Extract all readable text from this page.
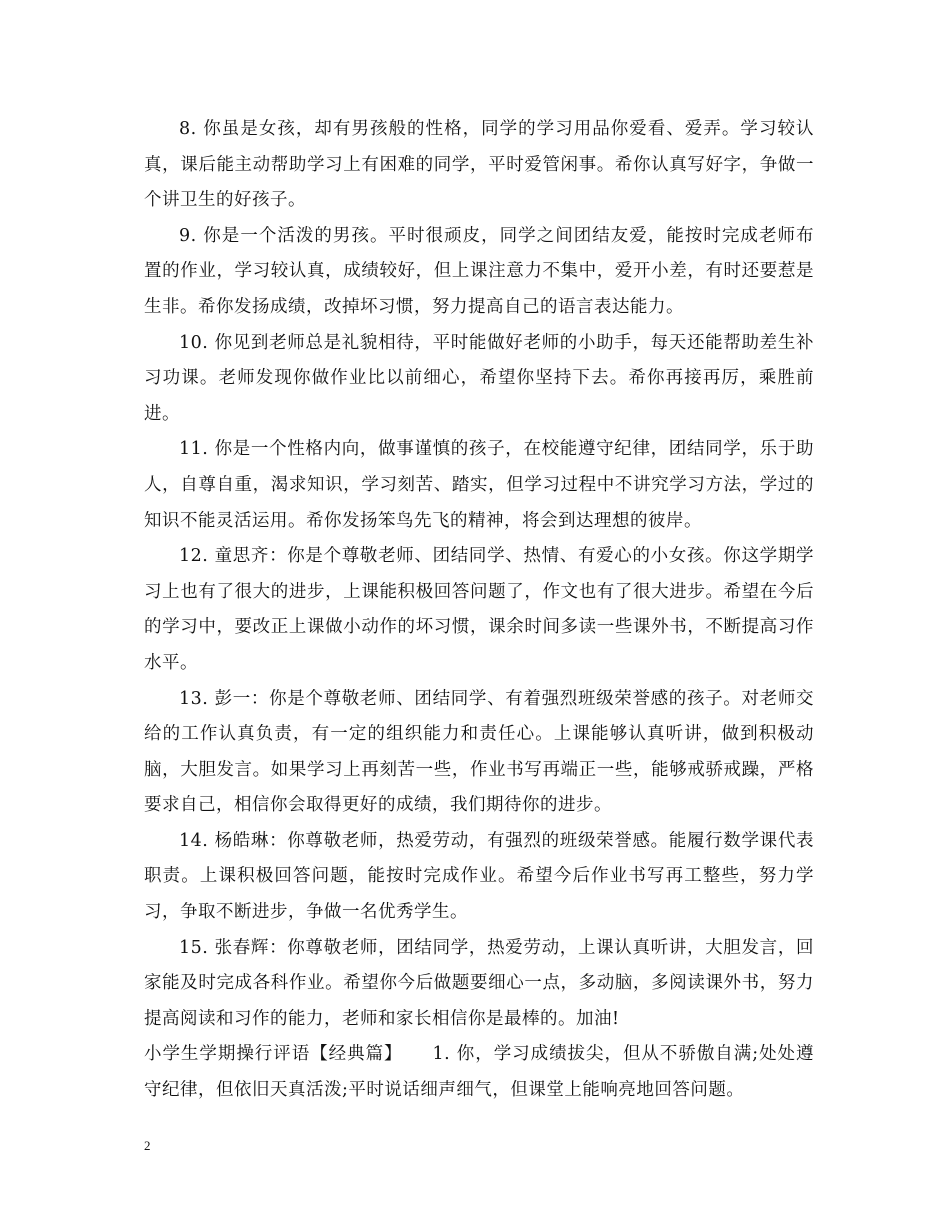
8. 你虽是女孩，却有男孩般的性格，同学的学习用品你爱看、爱弄。学习较认真，课后能主动帮助学习上有困难的同学，平时爱管闲事。希你认真写好字，争做一个讲卫生的好孩子。

9. 你是一个活泼的男孩。平时很顽皮，同学之间团结友爱，能按时完成老师布置的作业，学习较认真，成绩较好，但上课注意力不集中，爱开小差，有时还要惹是生非。希你发扬成绩，改掉坏习惯，努力提高自己的语言表达能力。

10. 你见到老师总是礼貌相待，平时能做好老师的小助手，每天还能帮助差生补习功课。老师发现你做作业比以前细心，希望你坚持下去。希你再接再厉，乘胜前进。

11. 你是一个性格内向，做事谨慎的孩子，在校能遵守纪律，团结同学，乐于助人，自尊自重，渴求知识，学习刻苦、踏实，但学习过程中不讲究学习方法，学过的知识不能灵活运用。希你发扬笨鸟先飞的精神，将会到达理想的彼岸。

12. 童思齐：你是个尊敬老师、团结同学、热情、有爱心的小女孩。你这学期学习上也有了很大的进步，上课能积极回答问题了，作文也有了很大进步。希望在今后的学习中，要改正上课做小动作的坏习惯，课余时间多读一些课外书，不断提高习作水平。

13. 彭一：你是个尊敬老师、团结同学、有着强烈班级荣誉感的孩子。对老师交给的工作认真负责，有一定的组织能力和责任心。上课能够认真听讲，做到积极动脑，大胆发言。如果学习上再刻苦一些，作业书写再端正一些，能够戒骄戒躁，严格要求自己，相信你会取得更好的成绩，我们期待你的进步。

14. 杨皓琳：你尊敬老师，热爱劳动，有强烈的班级荣誉感。能履行数学课代表职责。上课积极回答问题，能按时完成作业。希望今后作业书写再工整些，努力学习，争取不断进步，争做一名优秀学生。

15. 张春辉：你尊敬老师，团结同学，热爱劳动，上课认真听讲，大胆发言，回家能及时完成各科作业。希望你今后做题要细心一点，多动脑，多阅读课外书，努力提高阅读和习作的能力，老师和家长相信你是最棒的。加油!

小学生学期操行评语【经典篇】 1. 你，学习成绩拔尖，但从不骄傲自满;处处遵守纪律，但依旧天真活泼;平时说话细声细气，但课堂上能响亮地回答问题。

2
